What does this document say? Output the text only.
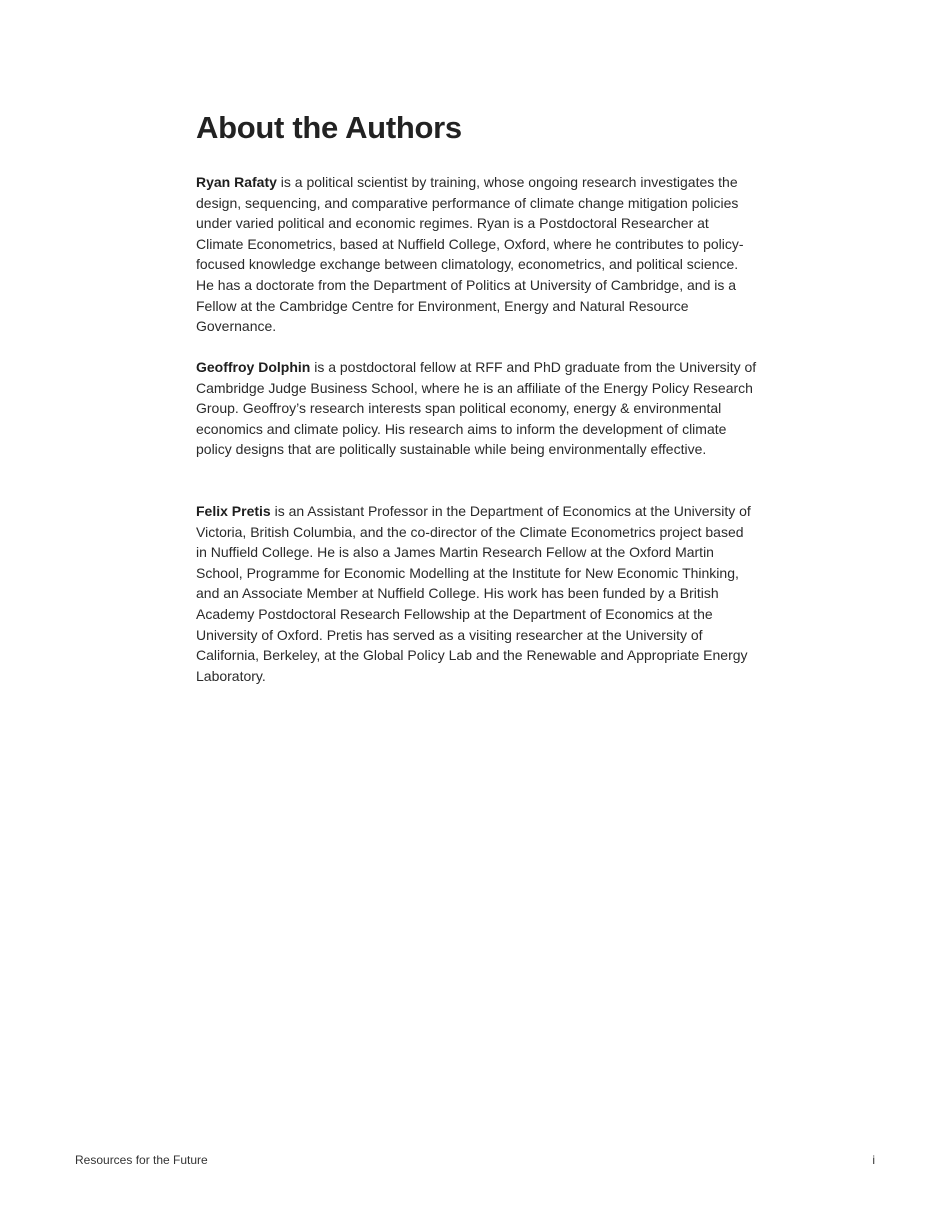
About the Authors

Ryan Rafaty is a political scientist by training, whose ongoing research investigates the design, sequencing, and comparative performance of climate change mitigation policies under varied political and economic regimes. Ryan is a Postdoctoral Researcher at Climate Econometrics, based at Nuffield College, Oxford, where he contributes to policy-focused knowledge exchange between climatology, econometrics, and political science. He has a doctorate from the Department of Politics at University of Cambridge, and is a Fellow at the Cambridge Centre for Environment, Energy and Natural Resource Governance.

Geoffroy Dolphin is a postdoctoral fellow at RFF and PhD graduate from the University of Cambridge Judge Business School, where he is an affiliate of the Energy Policy Research Group. Geoffroy’s research interests span political economy, energy & environmental economics and climate policy. His research aims to inform the development of climate policy designs that are politically sustainable while being environmentally effective.

Felix Pretis is an Assistant Professor in the Department of Economics at the University of Victoria, British Columbia, and the co-director of the Climate Econometrics project based in Nuffield College. He is also a James Martin Research Fellow at the Oxford Martin School, Programme for Economic Modelling at the Institute for New Economic Thinking, and an Associate Member at Nuffield College. His work has been funded by a British Academy Postdoctoral Research Fellowship at the Department of Economics at the University of Oxford. Pretis has served as a visiting researcher at the University of California, Berkeley, at the Global Policy Lab and the Renewable and Appropriate Energy Laboratory.

Resources for the Future	i
